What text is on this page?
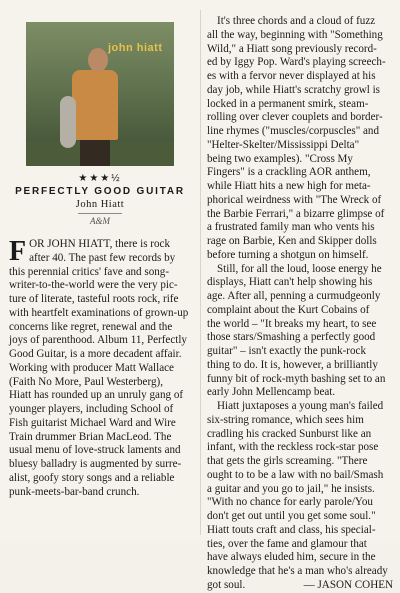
john hiatt
★★★½
PERFECTLY GOOD GUITAR
John Hiatt
A&M
F OR JOHN HIATT, there is rock
after 40. The past few records by
this perennial critics' fave and song-
writer-to-the-world were the very pic-
ture of literate, tasteful roots rock, rife
with heartfelt examinations of grown-up
concerns like regret, renewal and the
joys of parenthood. Album 11, Perfectly
Good Guitar, is a more decadent affair.
Working with producer Matt Wallace
(Faith No More, Paul Westerberg),
Hiatt has rounded up an unruly gang of
younger players, including School of
Fish guitarist Michael Ward and Wire
Train drummer Brian MacLeod. The
usual menu of love-struck laments and
bluesy balladry is augmented by surre-
alist, goofy story songs and a reliable
punk-meets-bar-band crunch.
It's three chords and a cloud of fuzz
all the way, beginning with "Something
Wild," a Hiatt song previously record-
ed by Iggy Pop. Ward's playing screech-
es with a fervor never displayed at his
day job, while Hiatt's scratchy growl is
locked in a permanent smirk, steam-
rolling over clever couplets and border-
line rhymes ("muscles/corpuscles" and
"Helter-Skelter/Mississippi Delta"
being two examples). "Cross My
Fingers" is a crackling AOR anthem,
while Hiatt hits a new high for meta-
phorical weirdness with "The Wreck of
the Barbie Ferrari," a bizarre glimpse of
a frustrated family man who vents his
rage on Barbie, Ken and Skipper dolls
before turning a shotgun on himself.
Still, for all the loud, loose energy he
displays, Hiatt can't help showing his
age. After all, penning a curmudgeonly
complaint about the Kurt Cobains of
the world – "It breaks my heart, to see
those stars/Smashing a perfectly good
guitar" – isn't exactly the punk-rock
thing to do. It is, however, a brilliantly
funny bit of rock-myth bashing set to an
early John Mellencamp beat.
Hiatt juxtaposes a young man's failed
six-string romance, which sees him
cradling his cracked Sunburst like an
infant, with the reckless rock-star pose
that gets the girls screaming. "There
ought to to be a law with no bail/Smash
a guitar and you go to jail," he insists.
"With no chance for early parole/You
don't get out until you get some soul."
Hiatt touts craft and class, his special-
ties, over the fame and glamour that
have always eluded him, secure in the
knowledge that he's a man who's already
got soul.	— JASON COHEN
